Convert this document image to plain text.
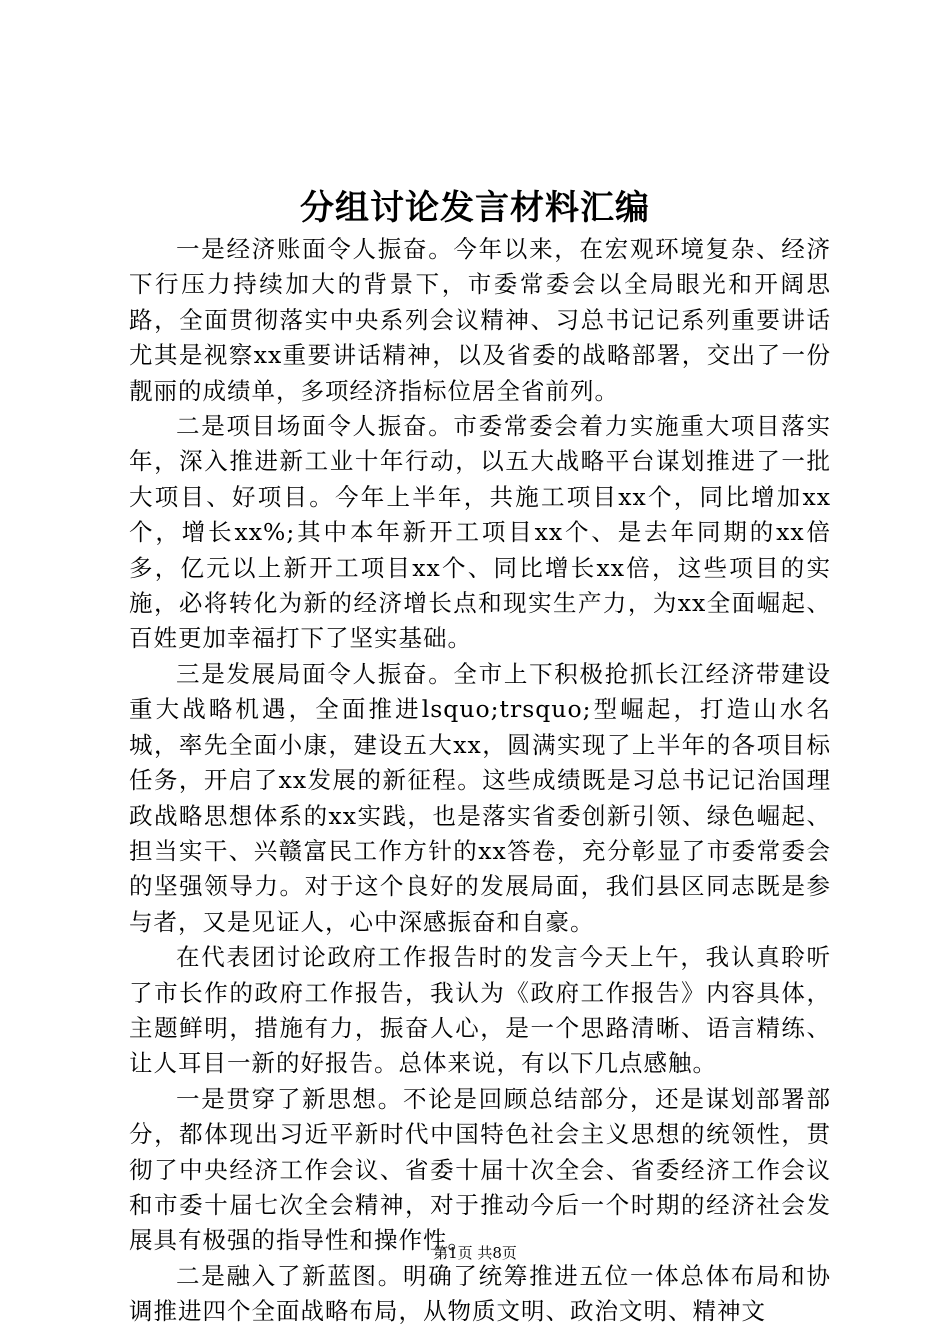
分组讨论发言材料汇编

一是经济账面令人振奋。今年以来，在宏观环境复杂、经济下行压力持续加大的背景下，市委常委会以全局眼光和开阔思路，全面贯彻落实中央系列会议精神、习总书记记系列重要讲话尤其是视察xx重要讲话精神，以及省委的战略部署，交出了一份靓丽的成绩单，多项经济指标位居全省前列。

二是项目场面令人振奋。市委常委会着力实施重大项目落实年，深入推进新工业十年行动，以五大战略平台谋划推进了一批大项目、好项目。今年上半年，共施工项目xx个，同比增加xx个，增长xx%;其中本年新开工项目xx个、是去年同期的xx倍多，亿元以上新开工项目xx个、同比增长xx倍，这些项目的实施，必将转化为新的经济增长点和现实生产力，为xx全面崛起、百姓更加幸福打下了坚实基础。

三是发展局面令人振奋。全市上下积极抢抓长江经济带建设重大战略机遇，全面推进lsquo;trsquo;型崛起，打造山水名城，率先全面小康，建设五大xx，圆满实现了上半年的各项目标任务，开启了xx发展的新征程。这些成绩既是习总书记记治国理政战略思想体系的xx实践，也是落实省委创新引领、绿色崛起、担当实干、兴赣富民工作方针的xx答卷，充分彰显了市委常委会的坚强领导力。对于这个良好的发展局面，我们县区同志既是参与者，又是见证人，心中深感振奋和自豪。

在代表团讨论政府工作报告时的发言今天上午，我认真聆听了市长作的政府工作报告，我认为《政府工作报告》内容具体，主题鲜明，措施有力，振奋人心，是一个思路清晰、语言精练、让人耳目一新的好报告。总体来说，有以下几点感触。

一是贯穿了新思想。不论是回顾总结部分，还是谋划部署部分，都体现出习近平新时代中国特色社会主义思想的统领性，贯彻了中央经济工作会议、省委十届十次全会、省委经济工作会议和市委十届七次全会精神，对于推动今后一个时期的经济社会发展具有极强的指导性和操作性。

二是融入了新蓝图。明确了统筹推进五位一体总体布局和协调推进四个全面战略布局，从物质文明、政治文明、精神文

第1页 共8页
